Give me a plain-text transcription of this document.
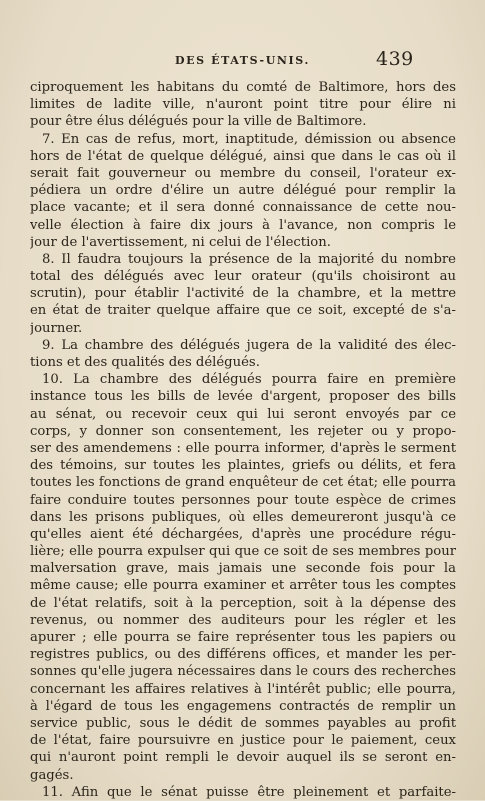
DES ÉTATS-UNIS.	439
ciproquement les habitans du comté de Baltimore, hors des
limites de ladite ville, n'auront point titre pour élire ni
pour être élus délégués pour la ville de Baltimore.
7. En cas de refus, mort, inaptitude, démission ou absence
hors de l'état de quelque délégué, ainsi que dans le cas où il
serait fait gouverneur ou membre du conseil, l'orateur ex-
pédiera un ordre d'élire un autre délégué pour remplir la
place vacante; et il sera donné connaissance de cette nou-
velle élection à faire dix jours à l'avance, non compris le
jour de l'avertissement, ni celui de l'élection.
8. Il faudra toujours la présence de la majorité du nombre
total des délégués avec leur orateur (qu'ils choisiront au
scrutin), pour établir l'activité de la chambre, et la mettre
en état de traiter quelque affaire que ce soit, excepté de s'a-
journer.
9. La chambre des délégués jugera de la validité des élec-
tions et des qualités des délégués.
10. La chambre des délégués pourra faire en première
instance tous les bills de levée d'argent, proposer des bills
au sénat, ou recevoir ceux qui lui seront envoyés par ce
corps, y donner son consentement, les rejeter ou y propo-
ser des amendemens : elle pourra informer, d'après le serment
des témoins, sur toutes les plaintes, griefs ou délits, et fera
toutes les fonctions de grand enquêteur de cet état; elle pourra
faire conduire toutes personnes pour toute espèce de crimes
dans les prisons publiques, où elles demeureront jusqu'à ce
qu'elles aient été déchargées, d'après une procédure régu-
lière; elle pourra expulser qui que ce soit de ses membres pour
malversation grave, mais jamais une seconde fois pour la
même cause; elle pourra examiner et arrêter tous les comptes
de l'état relatifs, soit à la perception, soit à la dépense des
revenus, ou nommer des auditeurs pour les régler et les
apurer ; elle pourra se faire représenter tous les papiers ou
registres publics, ou des différens offices, et mander les per-
sonnes qu'elle jugera nécessaires dans le cours des recherches
concernant les affaires relatives à l'intérêt public; elle pourra,
à l'égard de tous les engagemens contractés de remplir un
service public, sous le dédit de sommes payables au profit
de l'état, faire poursuivre en justice pour le paiement, ceux
qui n'auront point rempli le devoir auquel ils se seront en-
gagés.
11. Afin que le sénat puisse être pleinement et parfaite-
